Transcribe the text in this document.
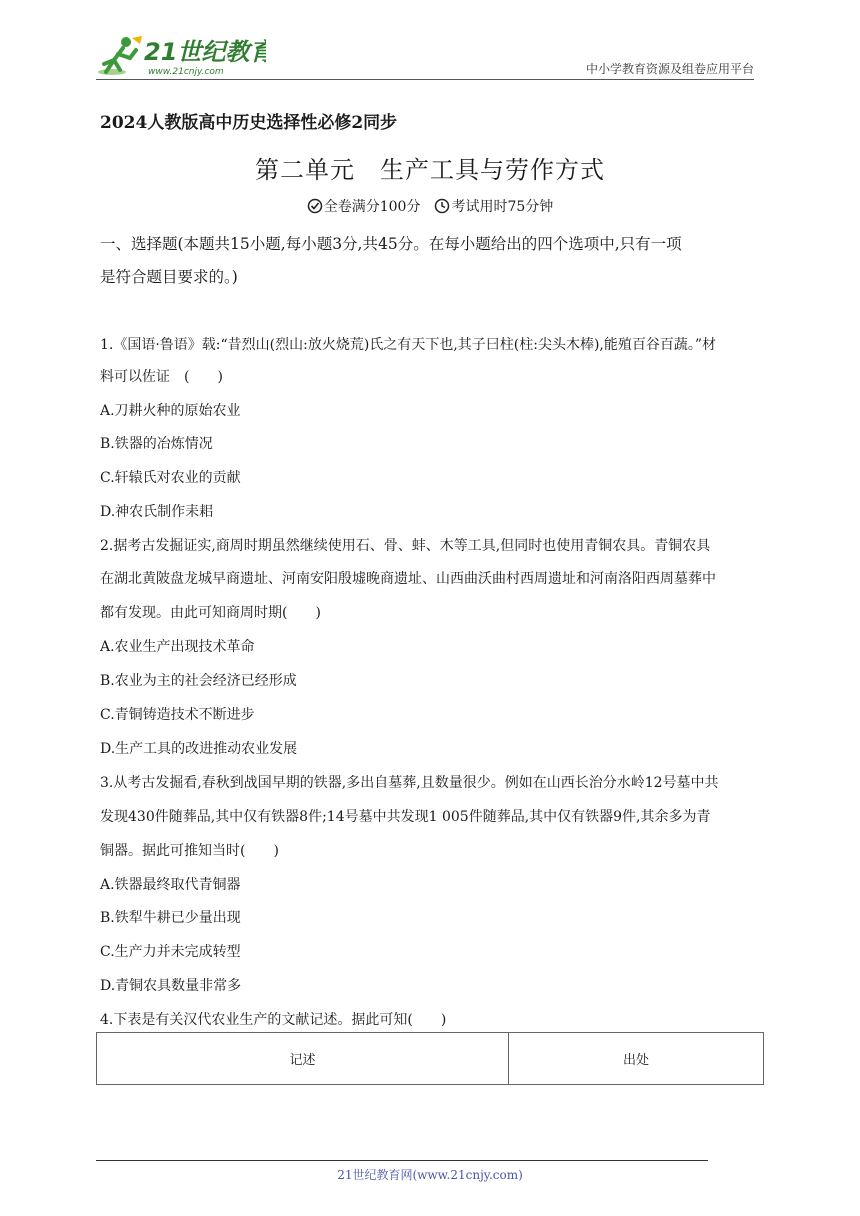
21世纪教育
www.21cnjy.com	中小学教育资源及组卷应用平台
2024人教版高中历史选择性必修2同步
第二单元　生产工具与劳作方式
全卷满分100分 考试用时75分钟
一、选择题(本题共15小题,每小题3分,共45分。在每小题给出的四个选项中,只有一项
是符合题目要求的。)
1.《国语·鲁语》载:“昔烈山(烈山:放火烧荒)氏之有天下也,其子曰柱(柱:尖头木棒),能殖百谷百蔬。”材
料可以佐证　(　　)
A.刀耕火种的原始农业
B.铁器的冶炼情况
C.轩辕氏对农业的贡献
D.神农氏制作耒耜
2.据考古发掘证实,商周时期虽然继续使用石、骨、蚌、木等工具,但同时也使用青铜农具。青铜农具
在湖北黄陂盘龙城早商遗址、河南安阳殷墟晚商遗址、山西曲沃曲村西周遗址和河南洛阳西周墓葬中
都有发现。由此可知商周时期(　　)
A.农业生产出现技术革命
B.农业为主的社会经济已经形成
C.青铜铸造技术不断进步
D.生产工具的改进推动农业发展
3.从考古发掘看,春秋到战国早期的铁器,多出自墓葬,且数量很少。例如在山西长治分水岭12号墓中共
发现430件随葬品,其中仅有铁器8件;14号墓中共发现1 005件随葬品,其中仅有铁器9件,其余多为青
铜器。据此可推知当时(　　)
A.铁器最终取代青铜器
B.铁犁牛耕已少量出现
C.生产力并未完成转型
D.青铜农具数量非常多
4.下表是有关汉代农业生产的文献记述。据此可知(　　)
记述	出处
21世纪教育网(www.21cnjy.com)
